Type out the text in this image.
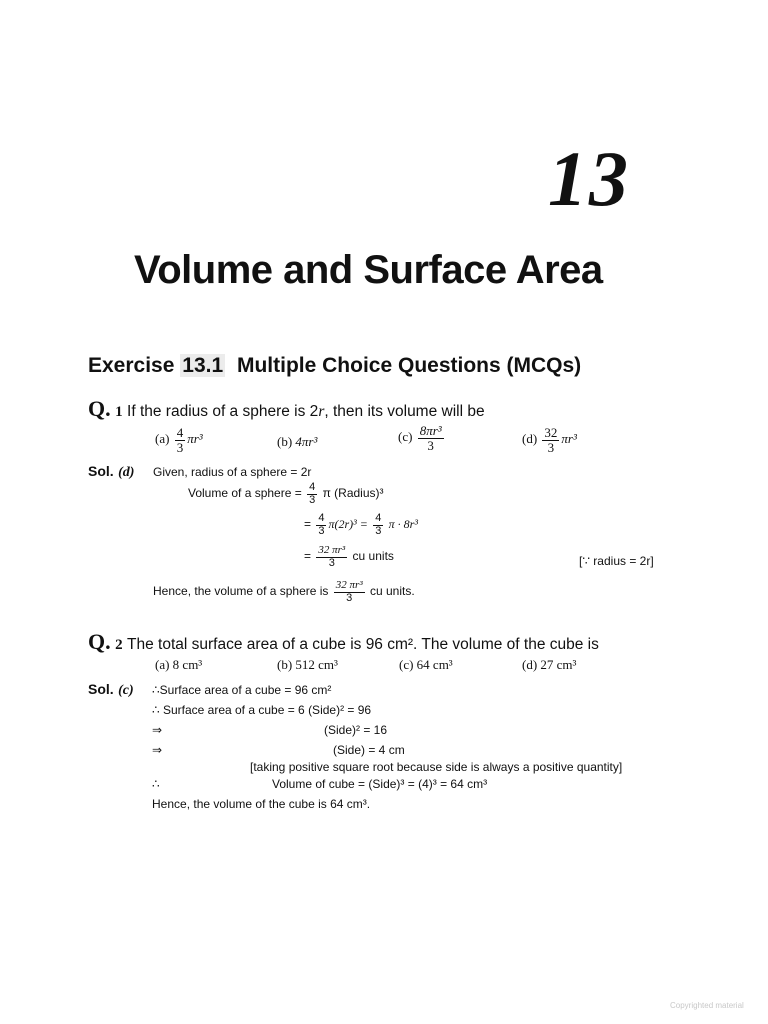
13
Volume and Surface Area
Exercise 13.1 Multiple Choice Questions (MCQs)
Q. 1 If the radius of a sphere is 2r, then its volume will be
$(a) \frac{4}{3} \pi r^3$	(b) 4πr³	$(c) \frac{\text{8πr³}}{3}$	$(d) \frac{32}{3} \pi r^3$
Sol. (d) Given, radius of a sphere = 2r
Volume of a sphere = $\frac{4}{3}$ π (Radius)³
= $\frac{4}{3} \pi(2r)^3 = \frac{4}{3}$ π · 8r³
= $\frac{\text{32 πr³}}{3}$ cu units	[∵ radius = 2r]
Hence, the volume of a sphere is $\frac{\text{32 πr³}}{3}$ cu units.
Q. 2 The total surface area of a cube is 96 cm². The volume of the cube is
(a) 8 cm³	(b) 512 cm³	(c) 64 cm³	(d) 27 cm³
Sol. (c) ∴Surface area of a cube = 96 cm²
∴ Surface area of a cube = 6 (Side)² = 96
⇒	(Side)² = 16
⇒	(Side) = 4 cm
[taking positive square root because side is always a positive quantity]
∴	Volume of cube = (Side)³ = (4)³ = 64 cm³
Hence, the volume of the cube is 64 cm³.
Copyrighted material
